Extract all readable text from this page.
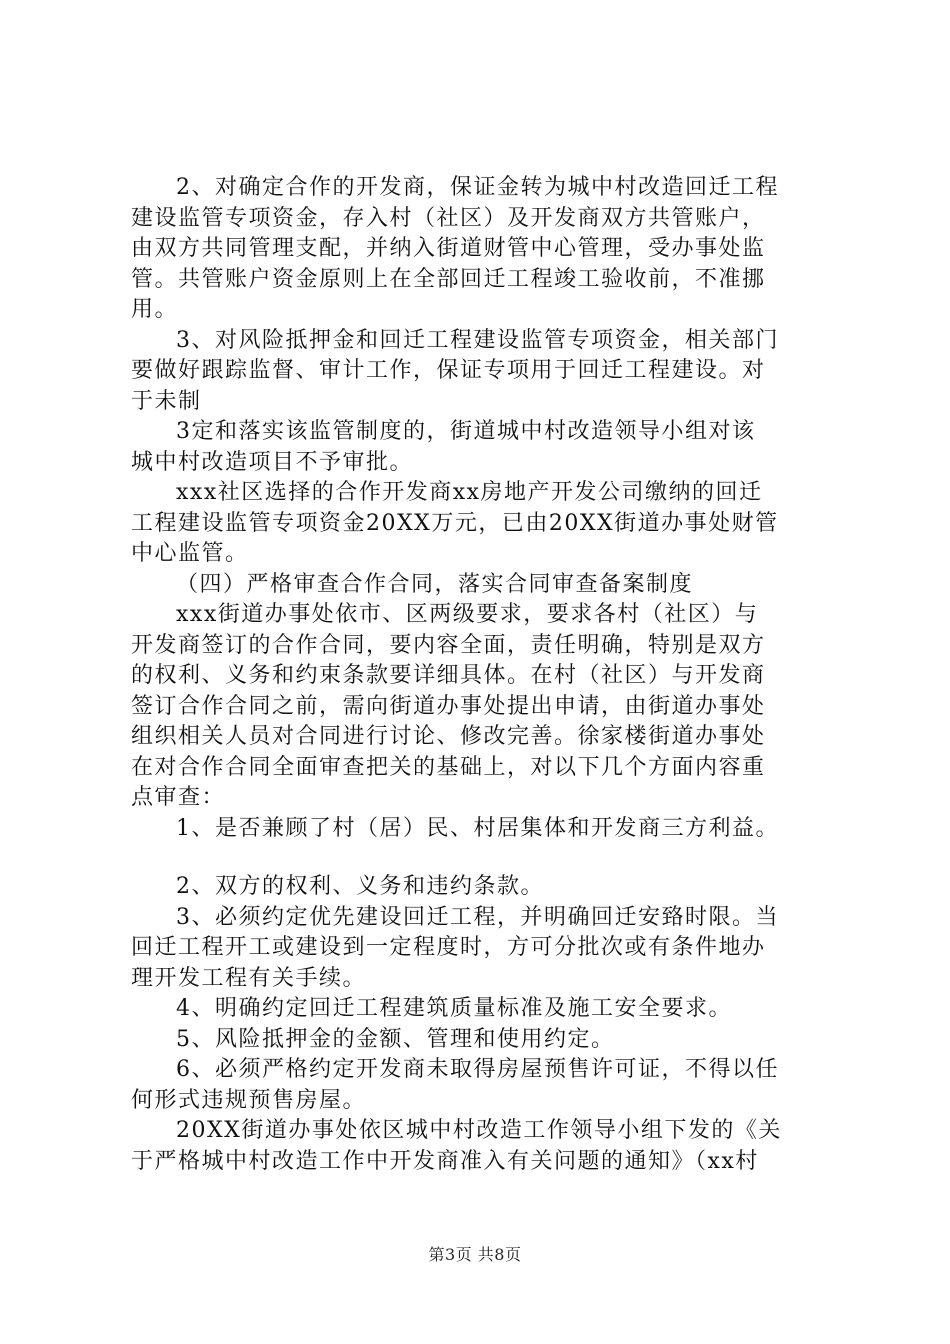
2、对确定合作的开发商，保证金转为城中村改造回迁工程
建设监管专项资金，存入村（社区）及开发商双方共管账户，
由双方共同管理支配，并纳入街道财管中心管理，受办事处监
管。共管账户资金原则上在全部回迁工程竣工验收前，不准挪
用。
3、对风险抵押金和回迁工程建设监管专项资金，相关部门
要做好跟踪监督、审计工作，保证专项用于回迁工程建设。对
于未制
3定和落实该监管制度的，街道城中村改造领导小组对该
城中村改造项目不予审批。
xxx社区选择的合作开发商xx房地产开发公司缴纳的回迁
工程建设监管专项资金20XX万元，已由20XX街道办事处财管
中心监管。
（四）严格审查合作合同，落实合同审查备案制度
xxx街道办事处依市、区两级要求，要求各村（社区）与
开发商签订的合作合同，要内容全面，责任明确，特别是双方
的权利、义务和约束条款要详细具体。在村（社区）与开发商
签订合作合同之前，需向街道办事处提出申请，由街道办事处
组织相关人员对合同进行讨论、修改完善。徐家楼街道办事处
在对合作合同全面审查把关的基础上，对以下几个方面内容重
点审查：
1、是否兼顾了村（居）民、村居集体和开发商三方利益。
2、双方的权利、义务和违约条款。
3、必须约定优先建设回迁工程，并明确回迁安臵时限。当
回迁工程开工或建设到一定程度时，方可分批次或有条件地办
理开发工程有关手续。
4、明确约定回迁工程建筑质量标准及施工安全要求。
5、风险抵押金的金额、管理和使用约定。
6、必须严格约定开发商未取得房屋预售许可证，不得以任
何形式违规预售房屋。
20XX街道办事处依区城中村改造工作领导小组下发的《关
于严格城中村改造工作中开发商准入有关问题的通知》（xx村
第3页 共8页
